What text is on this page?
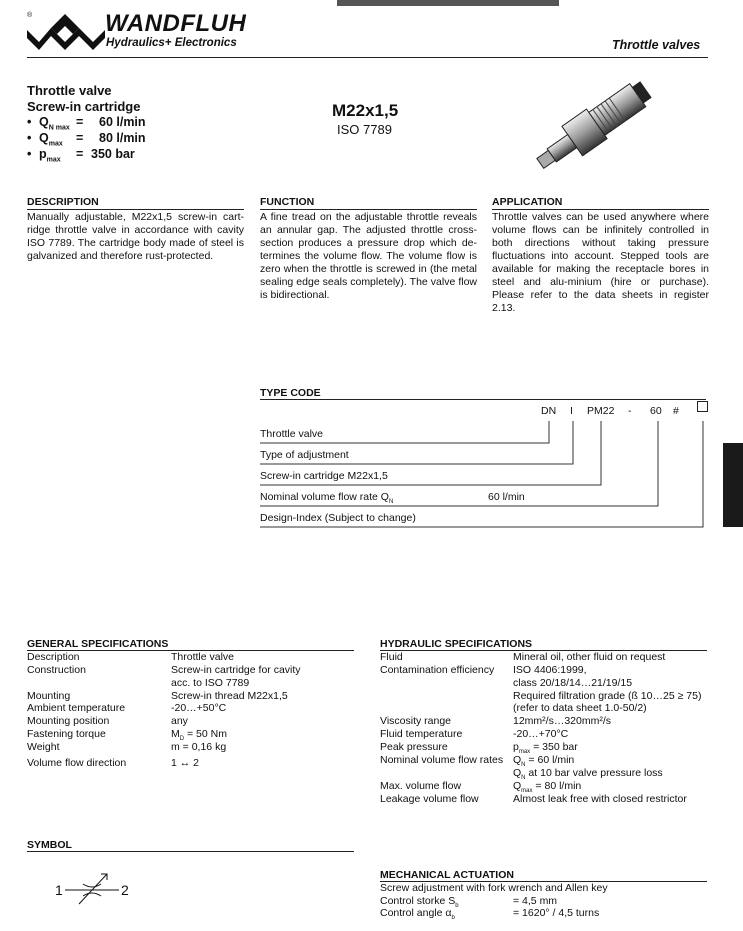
®	WANDFLUH
Hydraulics+ Electronics	Throttle valves
Throttle valve
Screw-in cartridge
• $Q_{N max} = 60$ l/min
• $Q_{max} = 80$ l/min
• $p_{max} = 350$ bar
M22x1,5
ISO 7789
DESCRIPTION
Manually adjustable, M22x1,5 screw-in cart-ridge throttle valve in accordance with cavity ISO 7789. The cartridge body made of steel is galvanized and therefore rust-protected.
FUNCTION
A fine tread on the adjustable throttle reveals an annular gap. The adjusted throttle cross-section produces a pressure drop which de-termines the volume flow. The volume flow is zero when the throttle is screwed in (the metal sealing edge seals completely). The valve flow is bidirectional.
APPLICATION
Throttle valves can be used anywhere where volume flows can be infinitely controlled in both directions without taking pressure fluctuations into account. Stepped tools are available for making the receptacle bores in steel and alu-minium (hire or purchase). Please refer to the data sheets in register 2.13.
TYPE CODE
DN I PM22 - 60 #
Throttle valve
Type of adjustment
Screw-in cartridge M22x1,5
Nominal volume flow rate $Q_N$	60 l/min
Design-Index (Subject to change)
GENERAL SPECIFICATIONS
Description	Throttle valve
Construction	Screw-in cartridge for cavity
acc. to ISO 7789
Mounting	Screw-in thread M22x1,5
Ambient temperature	-20…+50°C
Mounting position	any
Fastening torque	$M_D = 50$ Nm
Weight	m = 0,16 kg
Volume flow direction	1 ↔ 2
HYDRAULIC SPECIFICATIONS
Fluid	Mineral oil, other fluid on request
Contamination efficiency ISO 4406:1999,
class 20/18/14…21/19/15
Required filtration grade (ß 10…25 ≥ 75)
(refer to data sheet 1.0-50/2)
Viscosity range	12mm²/s…320mm²/s
Fluid temperature	-20…+70°C
Peak pressure	$p_{max} = 350$ bar
Nominal volume flow rates $Q_N = 60$ l/min
$Q_N$ at 10 bar valve pressure loss
Max. volume flow	$Q_{max} = 80$ l/min
Leakage volume flow	Almost leak free with closed restrictor
SYMBOL
1	2
MECHANICAL ACTUATION
Screw adjustment with fork wrench and Allen key
Control storke $S_b$	= 4,5 mm
Control angle $\alpha_b$	= 1620° / 4,5 turns
